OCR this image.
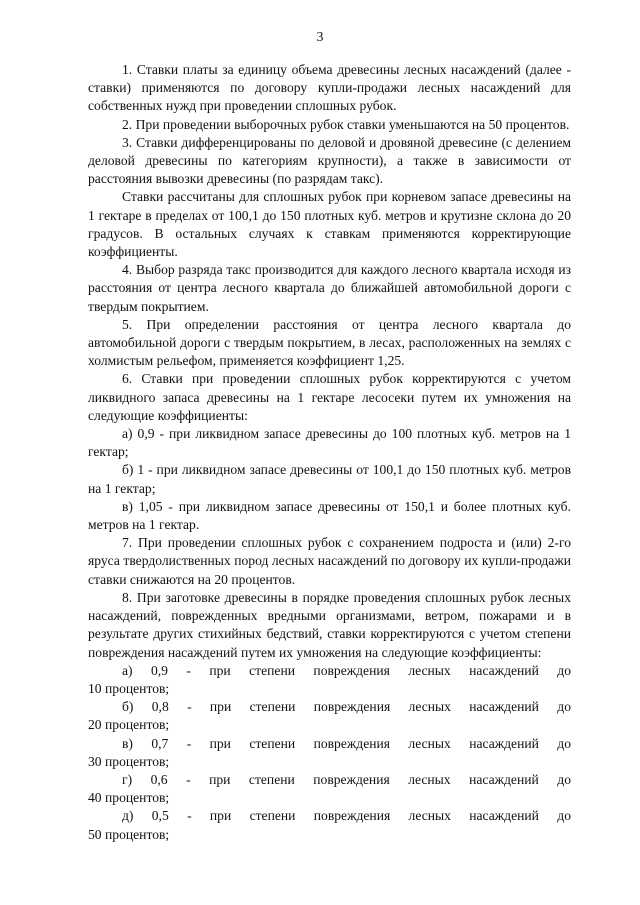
3

1. Ставки платы за единицу объема древесины лесных насаждений (далее - ставки) применяются по договору купли-продажи лесных насаждений для собственных нужд при проведении сплошных рубок.

2. При проведении выборочных рубок ставки уменьшаются на 50 процентов.

3. Ставки дифференцированы по деловой и дровяной древесине (с делением деловой древесины по категориям крупности), а также в зависимости от расстояния вывозки древесины (по разрядам такс).

Ставки рассчитаны для сплошных рубок при корневом запасе древесины на 1 гектаре в пределах от 100,1 до 150 плотных куб. метров и крутизне склона до 20 градусов. В остальных случаях к ставкам применяются корректирующие коэффициенты.

4. Выбор разряда такс производится для каждого лесного квартала исходя из расстояния от центра лесного квартала до ближайшей автомобильной дороги с твердым покрытием.

5. При определении расстояния от центра лесного квартала до автомобильной дороги с твердым покрытием, в лесах, расположенных на землях с холмистым рельефом, применяется коэффициент 1,25.

6. Ставки при проведении сплошных рубок корректируются с учетом ликвидного запаса древесины на 1 гектаре лесосеки путем их умножения на следующие коэффициенты:

а) 0,9 - при ликвидном запасе древесины до 100 плотных куб. метров на 1 гектар;

б) 1 - при ликвидном запасе древесины от 100,1 до 150 плотных куб. метров на 1 гектар;

в) 1,05 - при ликвидном запасе древесины от 150,1 и более плотных куб. метров на 1 гектар.

7. При проведении сплошных рубок с сохранением подроста и (или) 2-го яруса твердолиственных пород лесных насаждений по договору их купли-продажи ставки снижаются на 20 процентов.

8. При заготовке древесины в порядке проведения сплошных рубок лесных насаждений, поврежденных вредными организмами, ветром, пожарами и в результате других стихийных бедствий, ставки корректируются с учетом степени повреждения насаждений путем их умножения на следующие коэффициенты:

а) 0,9 - при степени повреждения лесных насаждений до

10 процентов;

б) 0,8 - при степени повреждения лесных насаждений до

20 процентов;

в) 0,7 - при степени повреждения лесных насаждений до

30 процентов;

г) 0,6 - при степени повреждения лесных насаждений до

40 процентов;

д) 0,5 - при степени повреждения лесных насаждений до

50 процентов;
